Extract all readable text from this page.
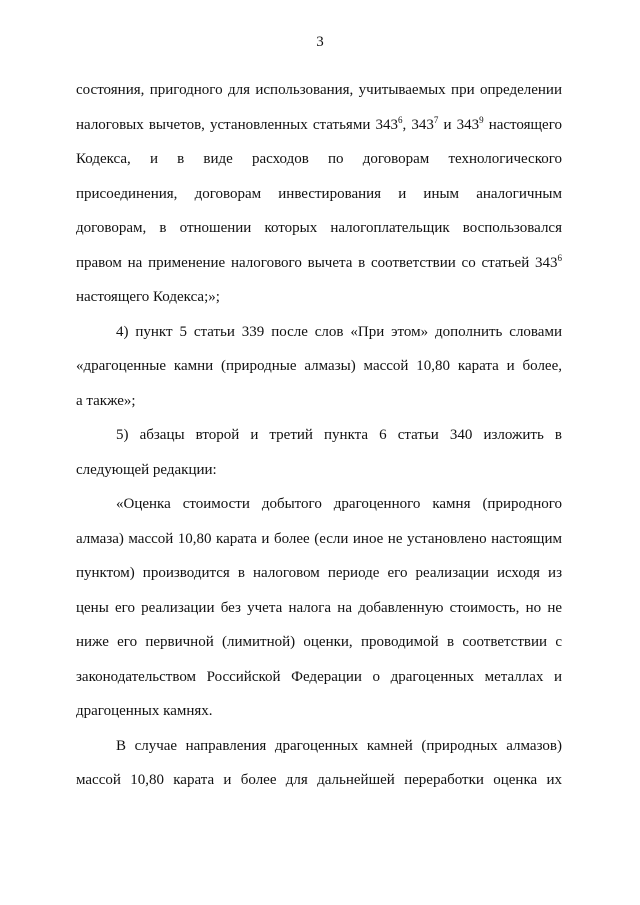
3
состояния, пригодного для использования, учитываемых при определении
налоговых вычетов, установленных статьями $343^6$, $343^7$ и $343^9$ настоящего
Кодекса, и в виде расходов по договорам технологического
присоединения, договорам инвестирования и иным аналогичным
договорам, в отношении которых налогоплательщик воспользовался
правом на применение налогового вычета в соответствии со статьей $343^6$
настоящего Кодекса;»;
4) пункт 5 статьи 339 после слов «При этом» дополнить словами
«драгоценные камни (природные алмазы) массой 10,80 карата и более,
а также»;
5) абзацы второй и третий пункта 6 статьи 340 изложить в
следующей редакции:
«Оценка стоимости добытого драгоценного камня (природного
алмаза) массой 10,80 карата и более (если иное не установлено настоящим
пунктом) производится в налоговом периоде его реализации исходя из
цены его реализации без учета налога на добавленную стоимость, но не
ниже его первичной (лимитной) оценки, проводимой в соответствии с
законодательством Российской Федерации о драгоценных металлах и
драгоценных камнях.
В случае направления драгоценных камней (природных алмазов)
массой 10,80 карата и более для дальнейшей переработки оценка их
